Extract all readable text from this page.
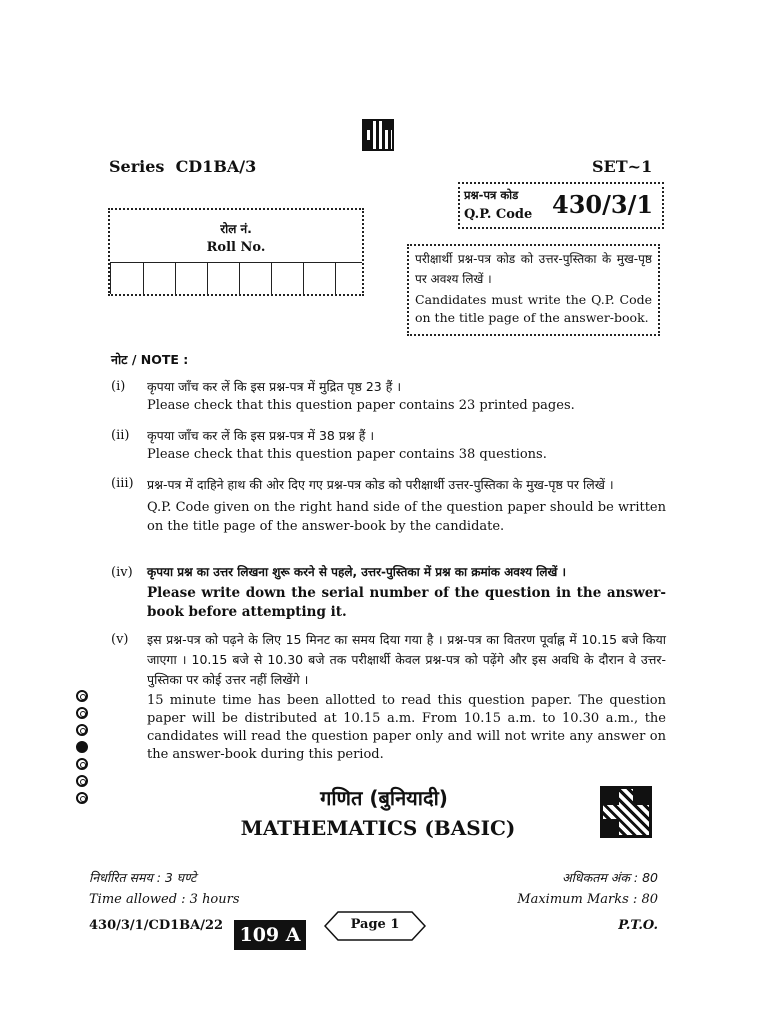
Series  CD1BA/3	SET~1
प्रश्न-पत्र कोड
Q.P. Code 430/3/1
रोल नं.
Roll No.
परीक्षार्थी प्रश्न-पत्र कोड को उत्तर-पुस्तिका के मुख-पृष्ठ पर अवश्य लिखें ।
Candidates must write the Q.P. Code on the title page of the answer-book.
नोट / NOTE :
(i)	कृपया जाँच कर लें कि इस प्रश्न-पत्र में मुद्रित पृष्ठ 23 हैं ।
Please check that this question paper contains 23 printed pages.
(ii)	कृपया जाँच कर लें कि इस प्रश्न-पत्र में 38 प्रश्न हैं ।
Please check that this question paper contains 38 questions.
(iii)	प्रश्न-पत्र में दाहिने हाथ की ओर दिए गए प्रश्न-पत्र कोड को परीक्षार्थी उत्तर-पुस्तिका के मुख-पृष्ठ पर लिखें ।
Q.P. Code given on the right hand side of the question paper should be written on the title page of the answer-book by the candidate.
(iv)	कृपया प्रश्न का उत्तर लिखना शुरू करने से पहले, उत्तर-पुस्तिका में प्रश्न का क्रमांक अवश्य लिखें ।
Please write down the serial number of the question in the answer-book before attempting it.
(v)	इस प्रश्न-पत्र को पढ़ने के लिए 15 मिनट का समय दिया गया है । प्रश्न-पत्र का वितरण पूर्वाह्न में 10.15 बजे किया जाएगा । 10.15 बजे से 10.30 बजे तक परीक्षार्थी केवल प्रश्न-पत्र को पढ़ेंगे और इस अवधि के दौरान वे उत्तर-पुस्तिका पर कोई उत्तर नहीं लिखेंगे ।
15 minute time has been allotted to read this question paper. The question paper will be distributed at 10.15 a.m. From 10.15 a.m. to 10.30 a.m., the candidates will read the question paper only and will not write any answer on the answer-book during this period.
गणित (बुनियादी)
MATHEMATICS (BASIC)
निर्धारित समय : 3 घण्टे
Time allowed : 3 hours
अधिकतम अंक : 80
Maximum Marks : 80
430/3/1/CD1BA/22 109 A	Page 1	P.T.O.
